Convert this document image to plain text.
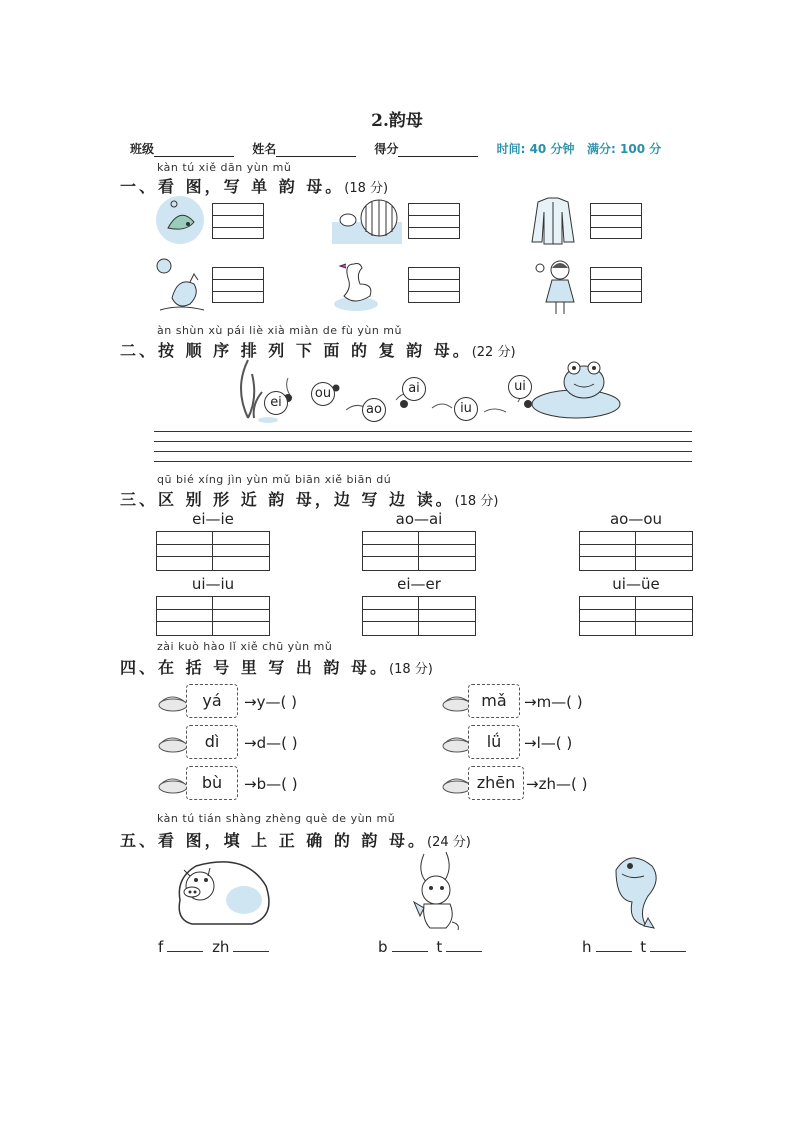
2.韵母
班级	姓名	得分	时间: 40 分钟 满分: 100 分
kàn tú xiě dān yùn mǔ
一、看 图，写 单 韵 母。(18 分)
àn shùn xù pái liè xià miàn de fù yùn mǔ
二、按 顺 序 排 列 下 面 的 复 韵 母。(22 分)
ei
ou
ao
ai
iu
ui
qū bié xíng jìn yùn mǔ biān xiě biān dú
三、区 别 形 近 韵 母，边 写 边 读。(18 分)
ei—ie	ao—ai	ao—ou
ui—iu	ei—er	ui—üe
zài kuò hào lǐ xiě chū yùn mǔ
四、在 括 号 里 写 出 韵 母。(18 分)
yá	→y—( )	mǎ	→m—( )
dì	→d—( )	lǘ	→l—( )
bù	→b—( )	zhēn →zh—( )
kàn tú tián shàng zhèng què de yùn mǔ
五、看 图，填 上 正 确 的 韵 母。(24 分)
f	zh	b	t	h	t
